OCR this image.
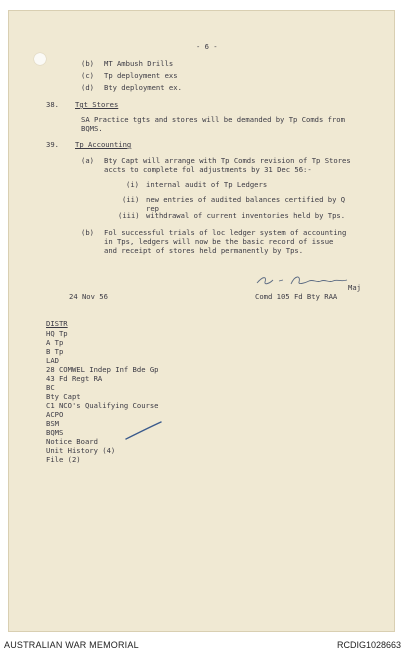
- 6 -
(b) MT Ambush Drills
(c) Tp deployment exs
(d) Bty deployment ex.
38. Tgt Stores
SA Practice tgts and stores will be demanded by Tp Comds from
BQMS.
39. Tp Accounting
(a) Bty Capt will arrange with Tp Comds revision of Tp Stores
accts to complete fol adjustments by 31 Dec 56:-
(i) internal audit of Tp Ledgers
(ii) new entries of audited balances certified by Q
rep
(iii) withdrawal of current inventories held by Tps.
(b) Fol successful trials of loc ledger system of accounting
in Tps, ledgers will now be the basic record of issue
and receipt of stores held permanently by Tps.
Maj
24 Nov 56	Comd 105 Fd Bty RAA
DISTR
HQ Tp
A Tp
B Tp
LAD
28 COMWEL Indep Inf Bde Gp
43 Fd Regt RA
BC
Bty Capt
C1 NCO's Qualifying Course
ACPO
BSM
BQMS
Notice Board
Unit History (4)
File (2)
AUSTRALIAN WAR MEMORIAL	RCDIG1028663
